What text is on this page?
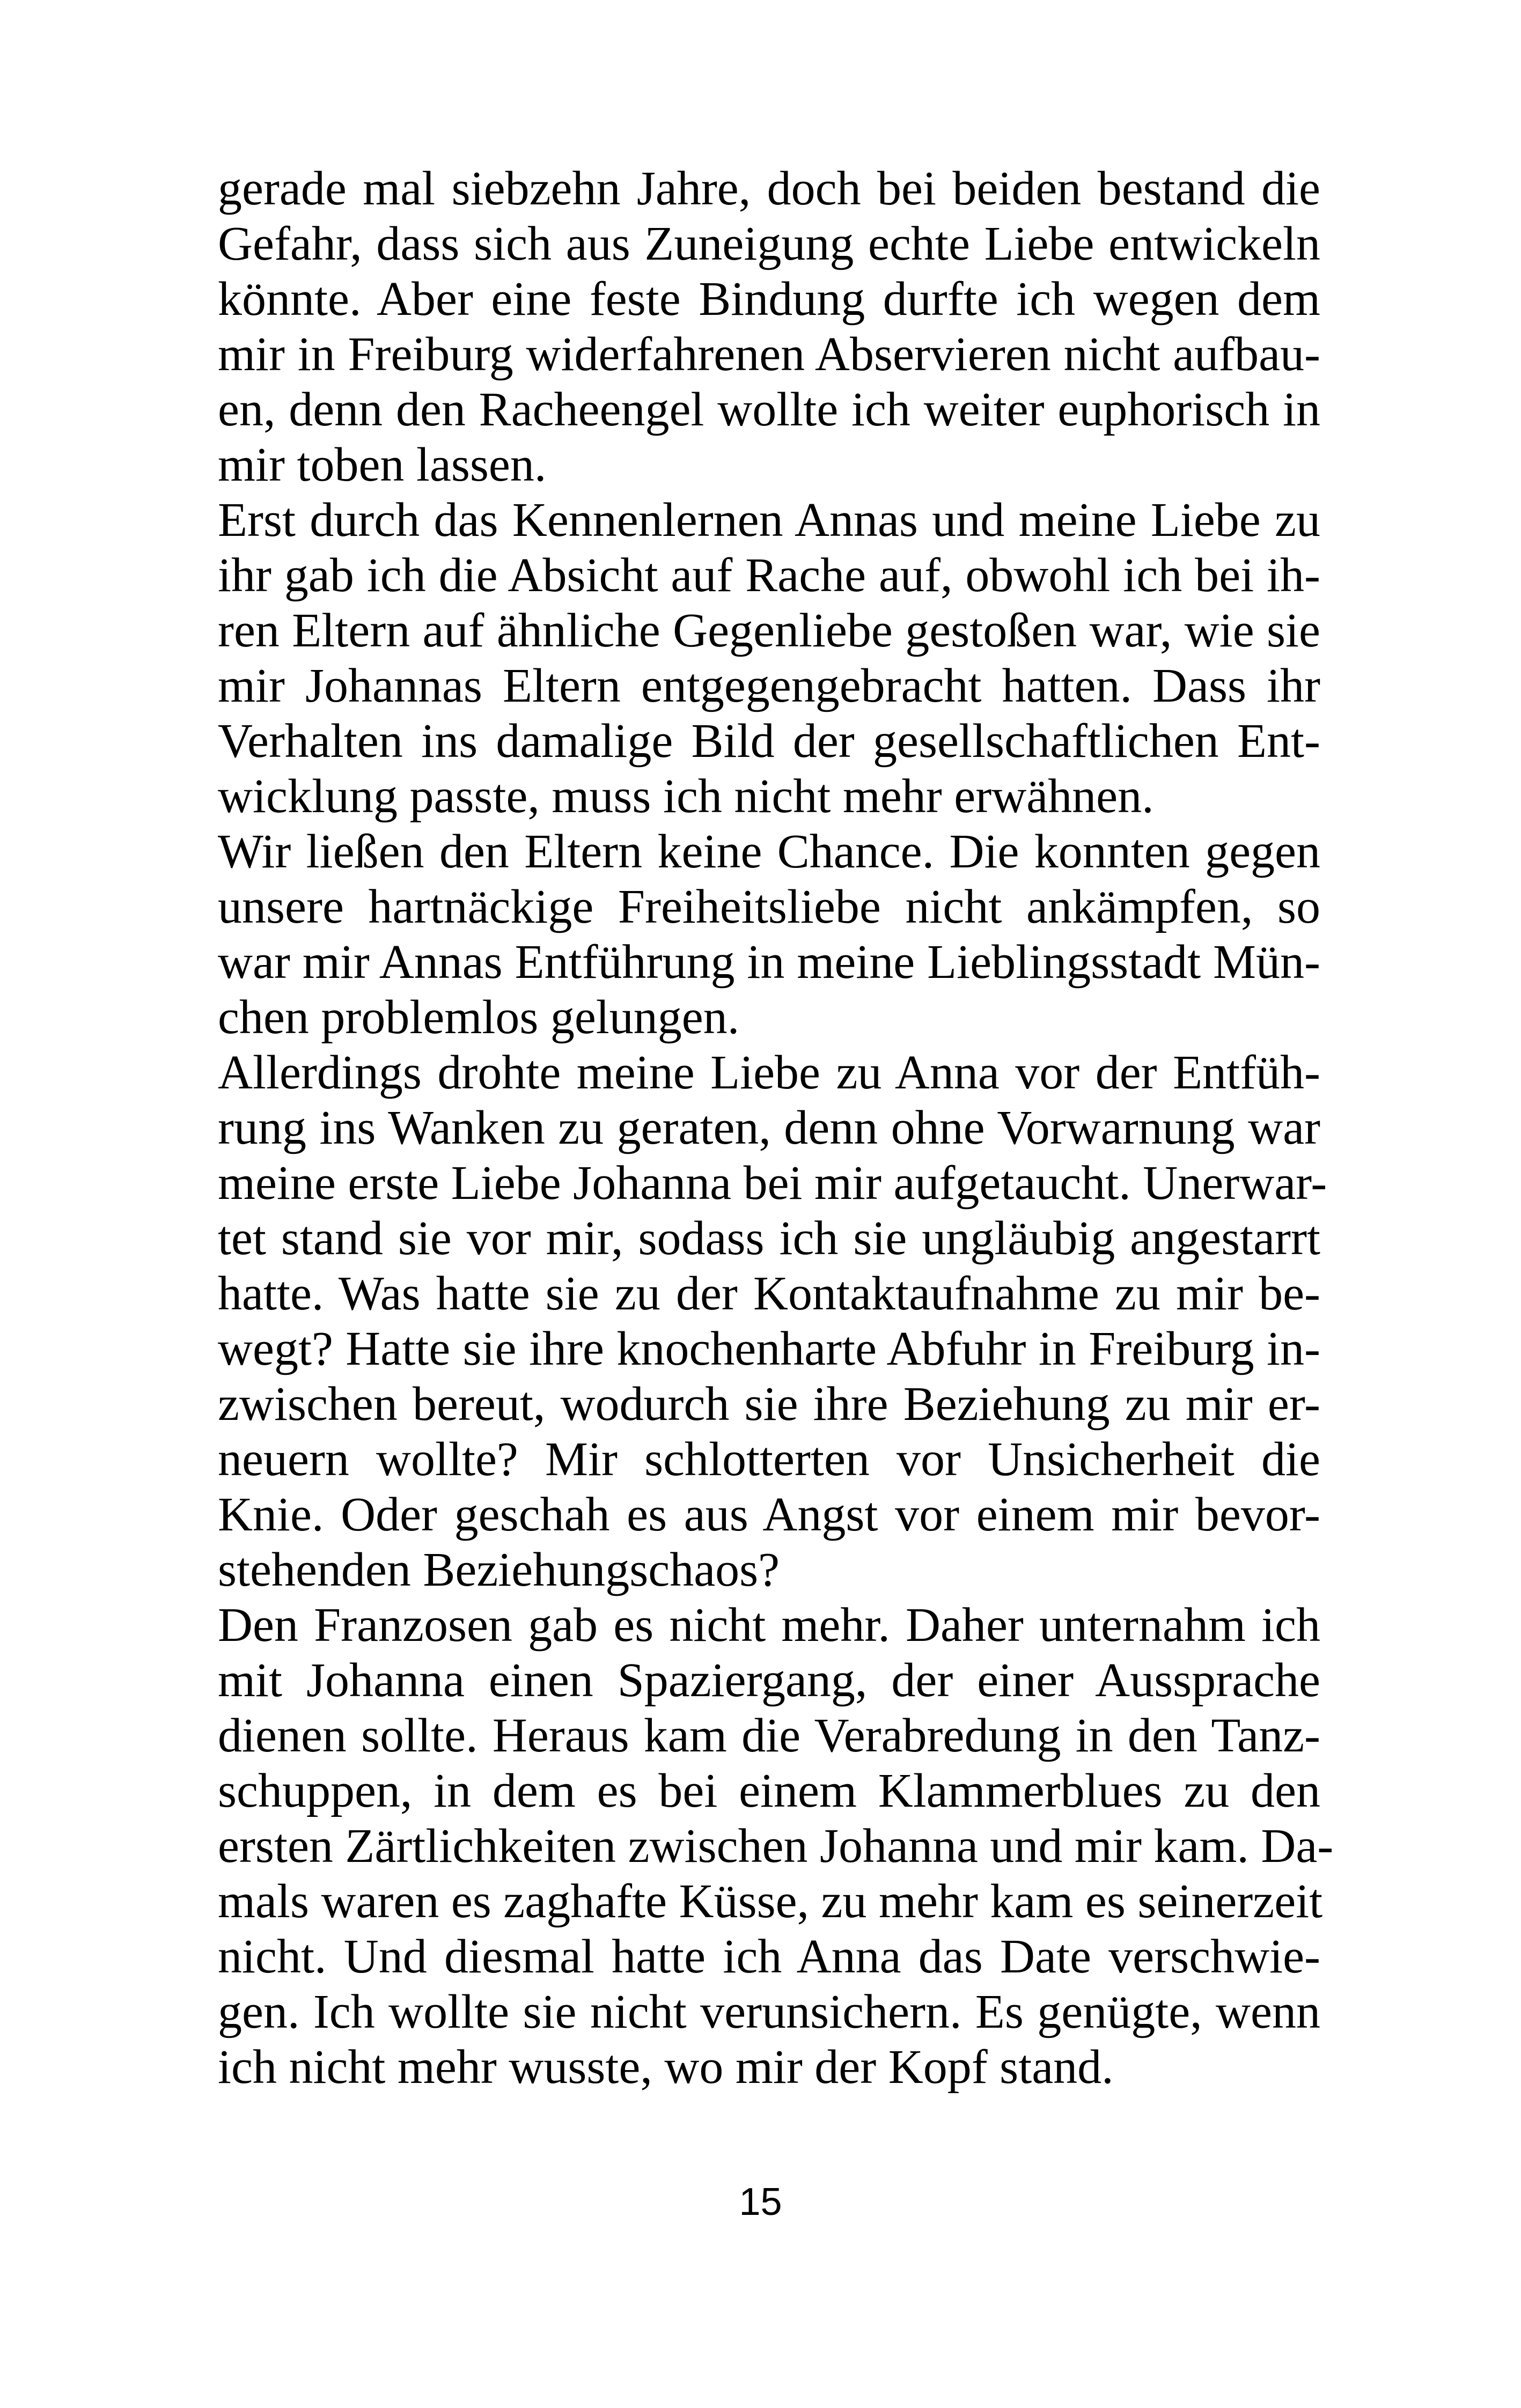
gerade mal siebzehn Jahre, doch bei beiden bestand die
Gefahr, dass sich aus Zuneigung echte Liebe entwickeln
könnte. Aber eine feste Bindung durfte ich wegen dem
mir in Freiburg widerfahrenen Abservieren nicht aufbau-
en, denn den Racheengel wollte ich weiter euphorisch in
mir toben lassen.
Erst durch das Kennenlernen Annas und meine Liebe zu
ihr gab ich die Absicht auf Rache auf, obwohl ich bei ih-
ren Eltern auf ähnliche Gegenliebe gestoßen war, wie sie
mir Johannas Eltern entgegengebracht hatten. Dass ihr
Verhalten ins damalige Bild der gesellschaftlichen Ent-
wicklung passte, muss ich nicht mehr erwähnen.
Wir ließen den Eltern keine Chance. Die konnten gegen
unsere hartnäckige Freiheitsliebe nicht ankämpfen, so
war mir Annas Entführung in meine Lieblingsstadt Mün-
chen problemlos gelungen.
Allerdings drohte meine Liebe zu Anna vor der Entfüh-
rung ins Wanken zu geraten, denn ohne Vorwarnung war
meine erste Liebe Johanna bei mir aufgetaucht. Unerwar-
tet stand sie vor mir, sodass ich sie ungläubig angestarrt
hatte. Was hatte sie zu der Kontaktaufnahme zu mir be-
wegt? Hatte sie ihre knochenharte Abfuhr in Freiburg in-
zwischen bereut, wodurch sie ihre Beziehung zu mir er-
neuern wollte? Mir schlotterten vor Unsicherheit die
Knie. Oder geschah es aus Angst vor einem mir bevor-
stehenden Beziehungschaos?
Den Franzosen gab es nicht mehr. Daher unternahm ich
mit Johanna einen Spaziergang, der einer Aussprache
dienen sollte. Heraus kam die Verabredung in den Tanz-
schuppen, in dem es bei einem Klammerblues zu den
ersten Zärtlichkeiten zwischen Johanna und mir kam. Da-
mals waren es zaghafte Küsse, zu mehr kam es seinerzeit
nicht. Und diesmal hatte ich Anna das Date verschwie-
gen. Ich wollte sie nicht verunsichern. Es genügte, wenn
ich nicht mehr wusste, wo mir der Kopf stand.
15
